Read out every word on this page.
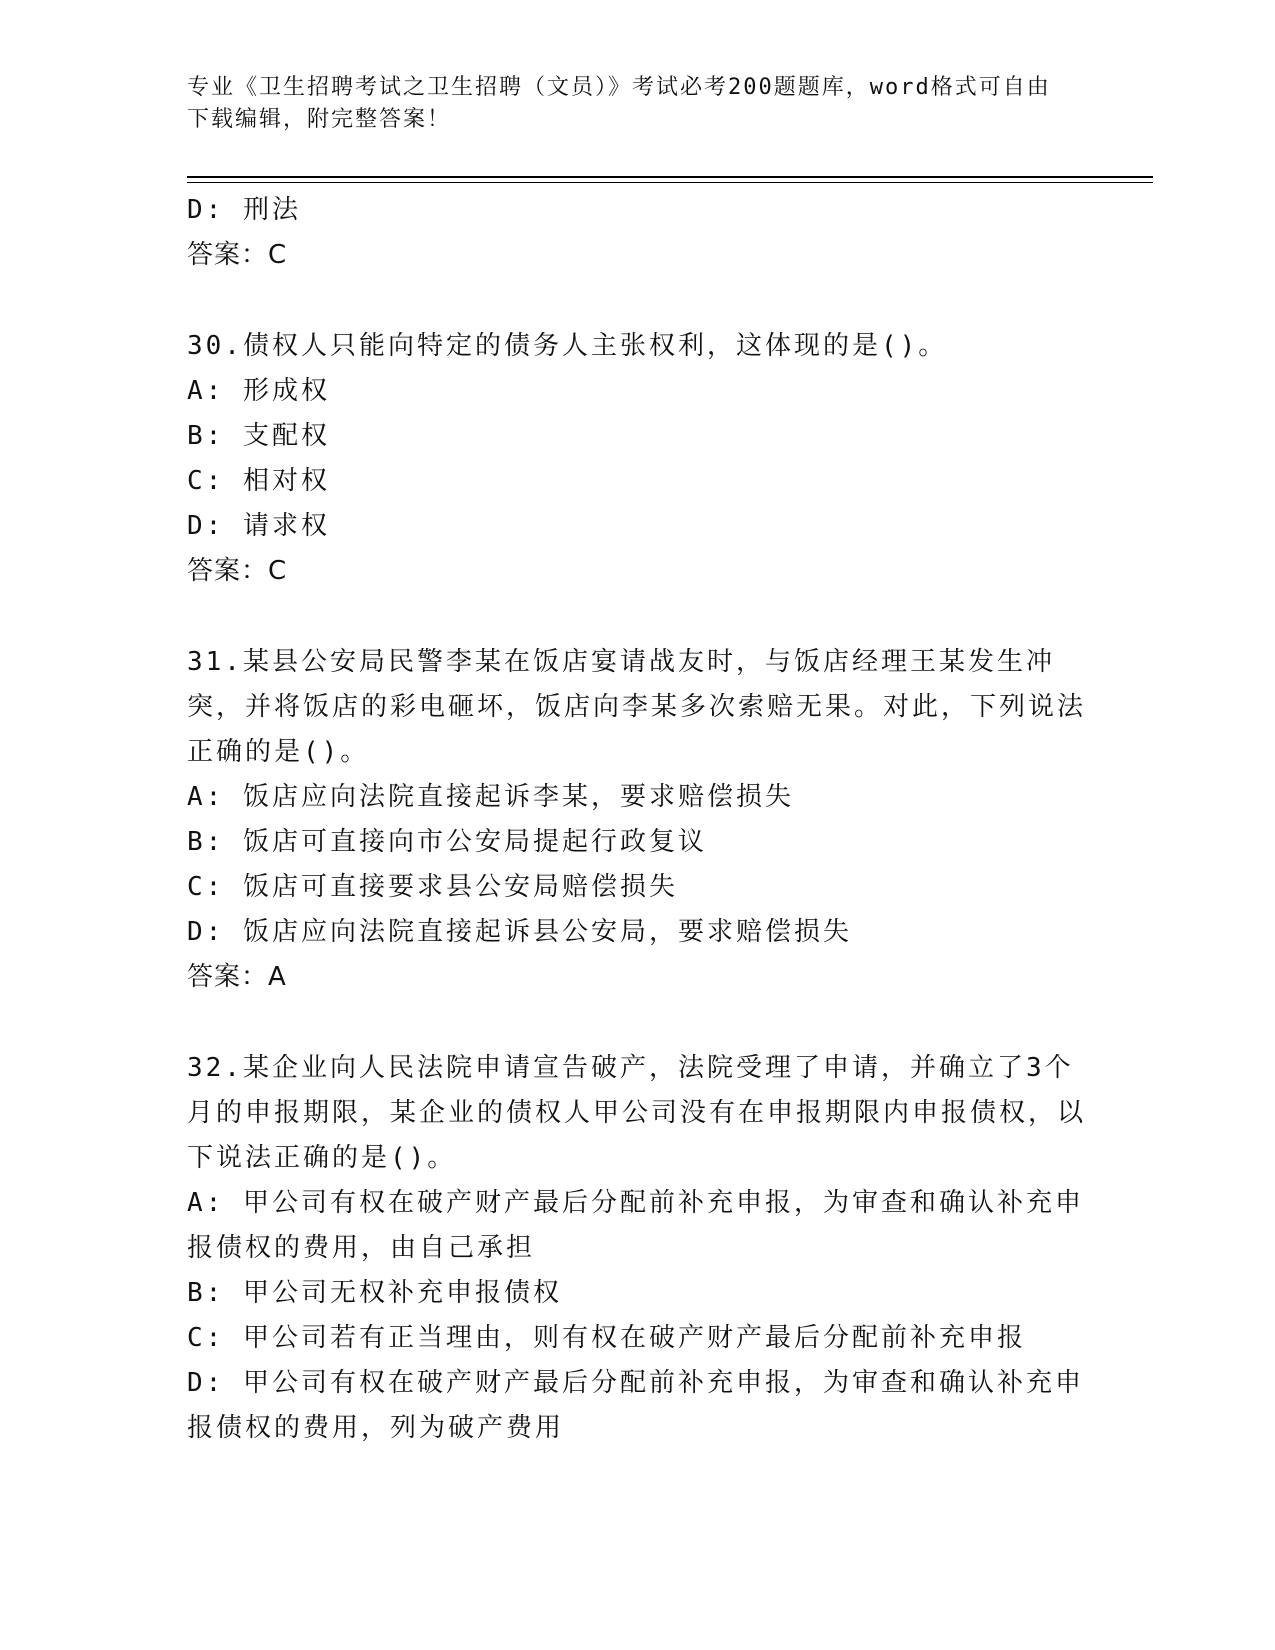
专业《卫生招聘考试之卫生招聘（文员）》考试必考200题题库，word格式可自由下载编辑，附完整答案！

D: 刑法

答案：C

30.债权人只能向特定的债务人主张权利，这体现的是()。

A: 形成权

B: 支配权

C: 相对权

D: 请求权

答案：C

31.某县公安局民警李某在饭店宴请战友时，与饭店经理王某发生冲突，并将饭店的彩电砸坏，饭店向李某多次索赔无果。对此，下列说法正确的是()。

A: 饭店应向法院直接起诉李某，要求赔偿损失

B: 饭店可直接向市公安局提起行政复议

C: 饭店可直接要求县公安局赔偿损失

D: 饭店应向法院直接起诉县公安局，要求赔偿损失

答案：A

32.某企业向人民法院申请宣告破产，法院受理了申请，并确立了3个月的申报期限，某企业的债权人甲公司没有在申报期限内申报债权，以下说法正确的是()。

A: 甲公司有权在破产财产最后分配前补充申报，为审查和确认补充申报债权的费用，由自己承担

B: 甲公司无权补充申报债权

C: 甲公司若有正当理由，则有权在破产财产最后分配前补充申报

D: 甲公司有权在破产财产最后分配前补充申报，为审查和确认补充申报债权的费用，列为破产费用
